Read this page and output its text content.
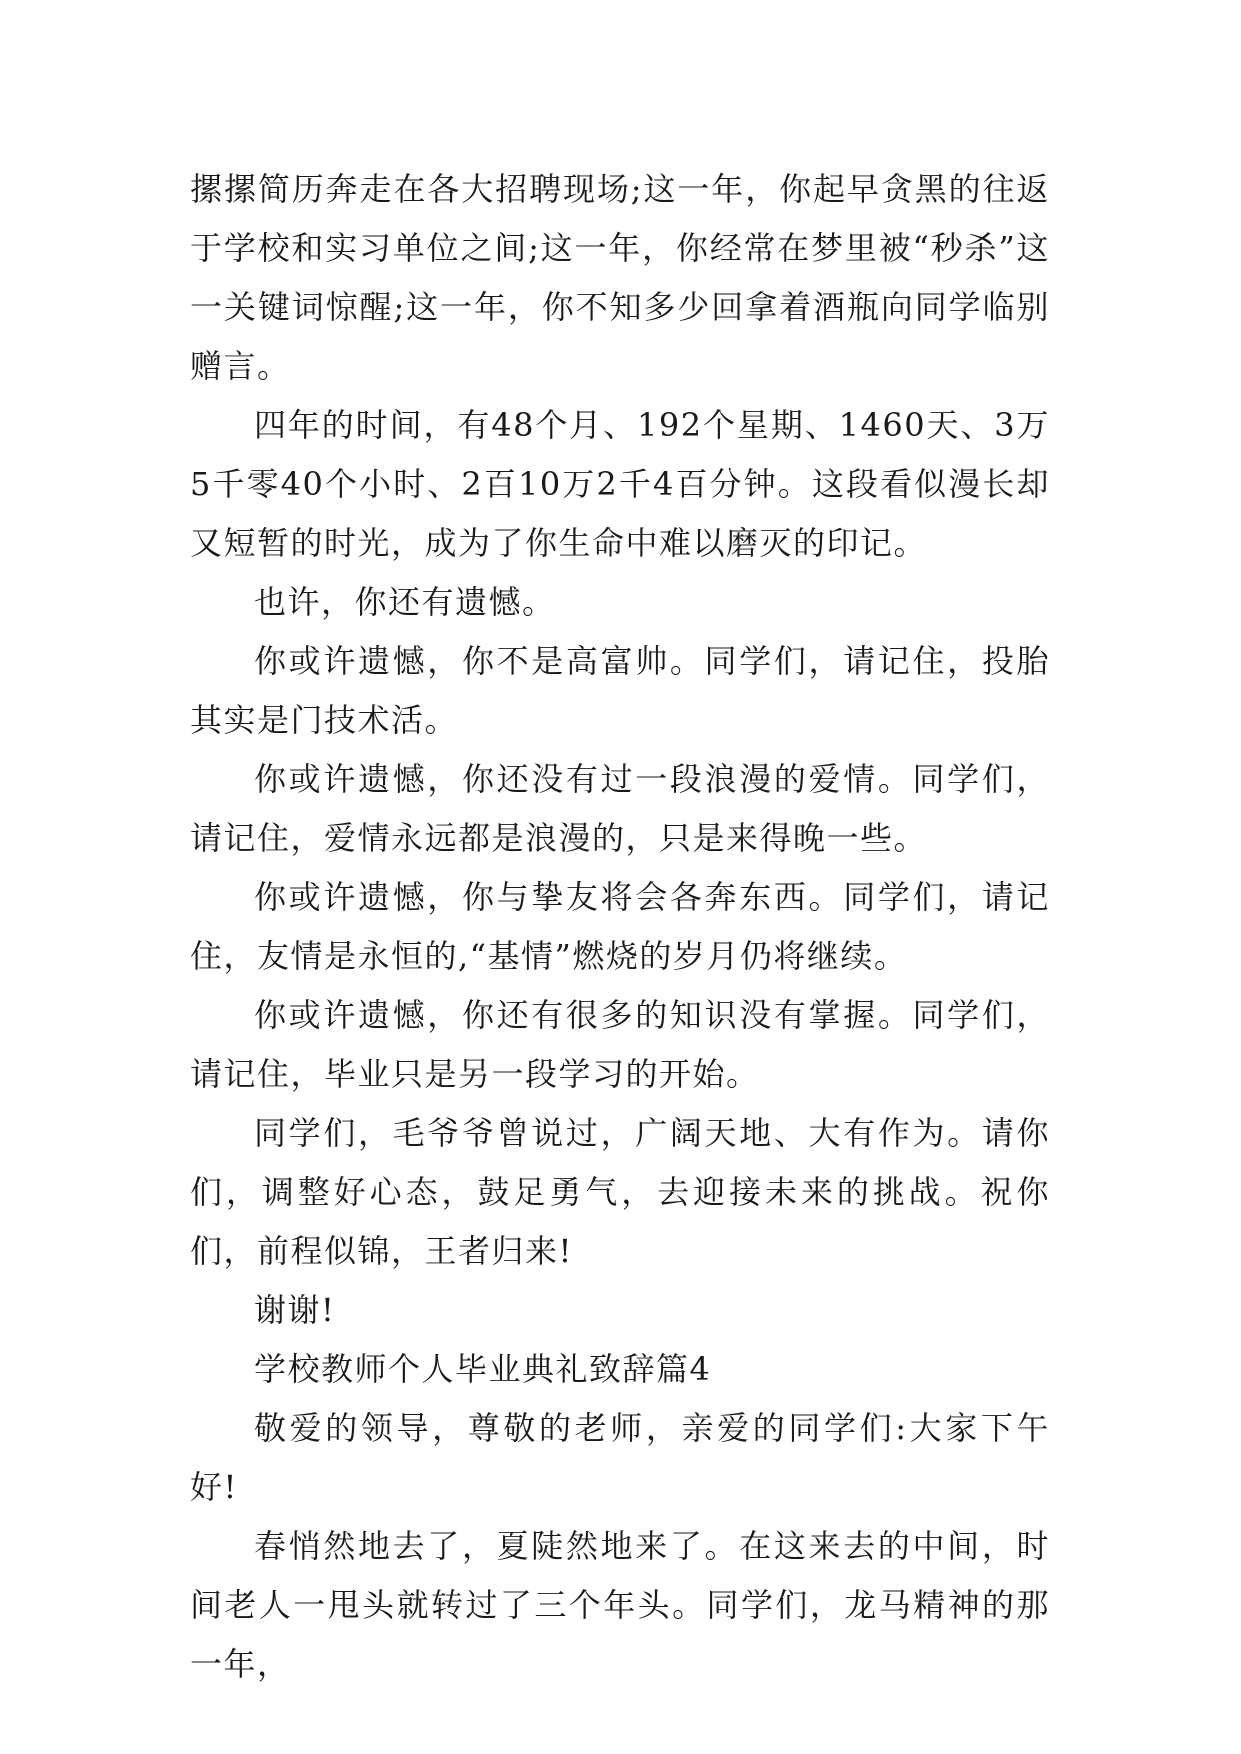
摞摞简历奔走在各大招聘现场;这一年，你起早贪黑的往返于学校和实习单位之间;这一年，你经常在梦里被“秒杀”这一关键词惊醒;这一年，你不知多少回拿着酒瓶向同学临别赠言。

四年的时间，有48个月、192个星期、1460天、3万5千零40个小时、2百10万2千4百分钟。这段看似漫长却又短暂的时光，成为了你生命中难以磨灭的印记。

也许，你还有遗憾。

你或许遗憾，你不是高富帅。同学们，请记住，投胎其实是门技术活。

你或许遗憾，你还没有过一段浪漫的爱情。同学们，请记住，爱情永远都是浪漫的，只是来得晚一些。

你或许遗憾，你与挚友将会各奔东西。同学们，请记住，友情是永恒的,“基情”燃烧的岁月仍将继续。

你或许遗憾，你还有很多的知识没有掌握。同学们，请记住，毕业只是另一段学习的开始。

同学们，毛爷爷曾说过，广阔天地、大有作为。请你们，调整好心态，鼓足勇气，去迎接未来的挑战。祝你们，前程似锦，王者归来!

谢谢!

学校教师个人毕业典礼致辞篇4

敬爱的领导，尊敬的老师，亲爱的同学们:大家下午好!

春悄然地去了，夏陡然地来了。在这来去的中间，时间老人一甩头就转过了三个年头。同学们，龙马精神的那一年，
